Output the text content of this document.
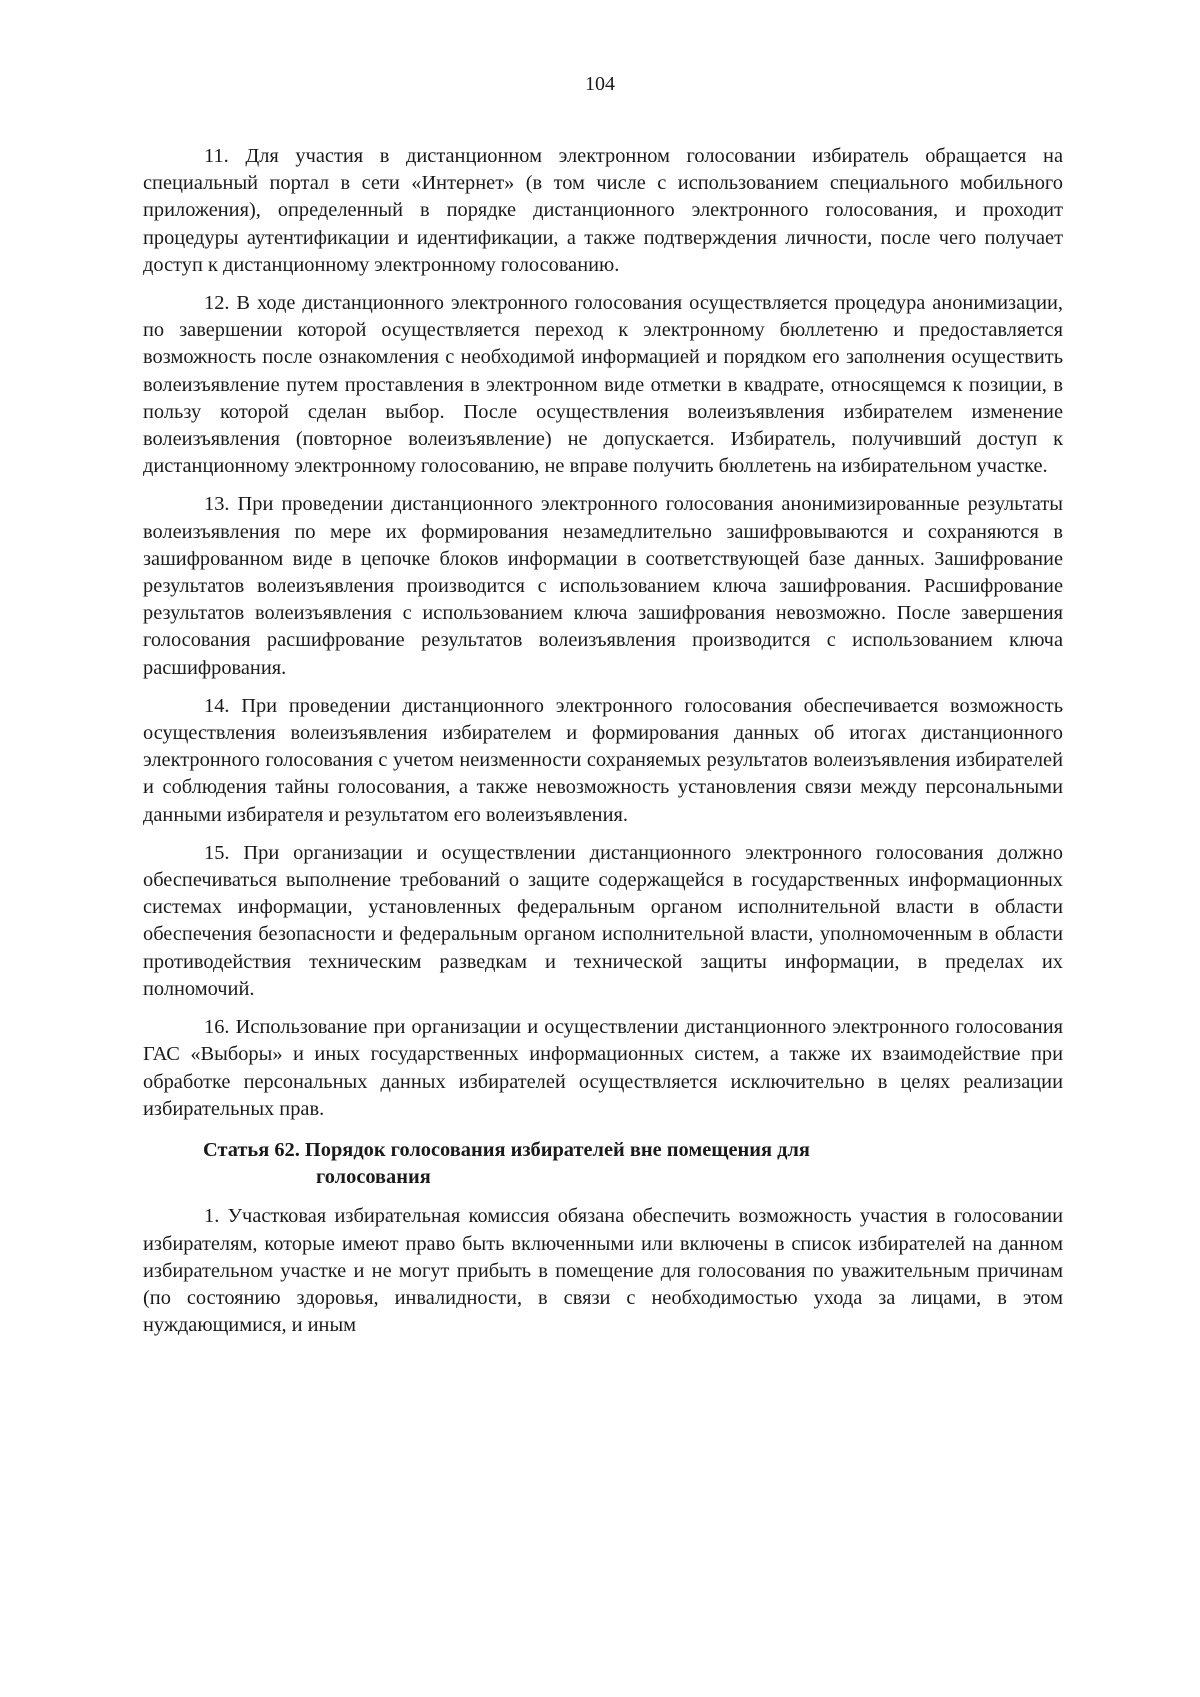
104

11. Для участия в дистанционном электронном голосовании избиратель обращается на специальный портал в сети «Интернет» (в том числе с использованием специального мобильного приложения), определенный в порядке дистанционного электронного голосования, и проходит процедуры аутентификации и идентификации, а также подтверждения личности, после чего получает доступ к дистанционному электронному голосованию.

12. В ходе дистанционного электронного голосования осуществляется процедура анонимизации, по завершении которой осуществляется переход к электронному бюллетеню и предоставляется возможность после ознакомления с необходимой информацией и порядком его заполнения осуществить волеизъявление путем проставления в электронном виде отметки в квадрате, относящемся к позиции, в пользу которой сделан выбор. После осуществления волеизъявления избирателем изменение волеизъявления (повторное волеизъявление) не допускается. Избиратель, получивший доступ к дистанционному электронному голосованию, не вправе получить бюллетень на избирательном участке.

13. При проведении дистанционного электронного голосования анонимизированные результаты волеизъявления по мере их формирования незамедлительно зашифровываются и сохраняются в зашифрованном виде в цепочке блоков информации в соответствующей базе данных. Зашифрование результатов волеизъявления производится с использованием ключа зашифрования. Расшифрование результатов волеизъявления с использованием ключа зашифрования невозможно. После завершения голосования расшифрование результатов волеизъявления производится с использованием ключа расшифрования.

14. При проведении дистанционного электронного голосования обеспечивается возможность осуществления волеизъявления избирателем и формирования данных об итогах дистанционного электронного голосования с учетом неизменности сохраняемых результатов волеизъявления избирателей и соблюдения тайны голосования, а также невозможность установления связи между персональными данными избирателя и результатом его волеизъявления.

15. При организации и осуществлении дистанционного электронного голосования должно обеспечиваться выполнение требований о защите содержащейся в государственных информационных системах информации, установленных федеральным органом исполнительной власти в области обеспечения безопасности и федеральным органом исполнительной власти, уполномоченным в области противодействия техническим разведкам и технической защиты информации, в пределах их полномочий.

16. Использование при организации и осуществлении дистанционного электронного голосования ГАС «Выборы» и иных государственных информационных систем, а также их взаимодействие при обработке персональных данных избирателей осуществляется исключительно в целях реализации избирательных прав.

Статья 62. Порядок голосования избирателей вне помещения для
голосования

1. Участковая избирательная комиссия обязана обеспечить возможность участия в голосовании избирателям, которые имеют право быть включенными или включены в список избирателей на данном избирательном участке и не могут прибыть в помещение для голосования по уважительным причинам (по состоянию здоровья, инвалидности, в связи с необходимостью ухода за лицами, в этом нуждающимися, и иным
